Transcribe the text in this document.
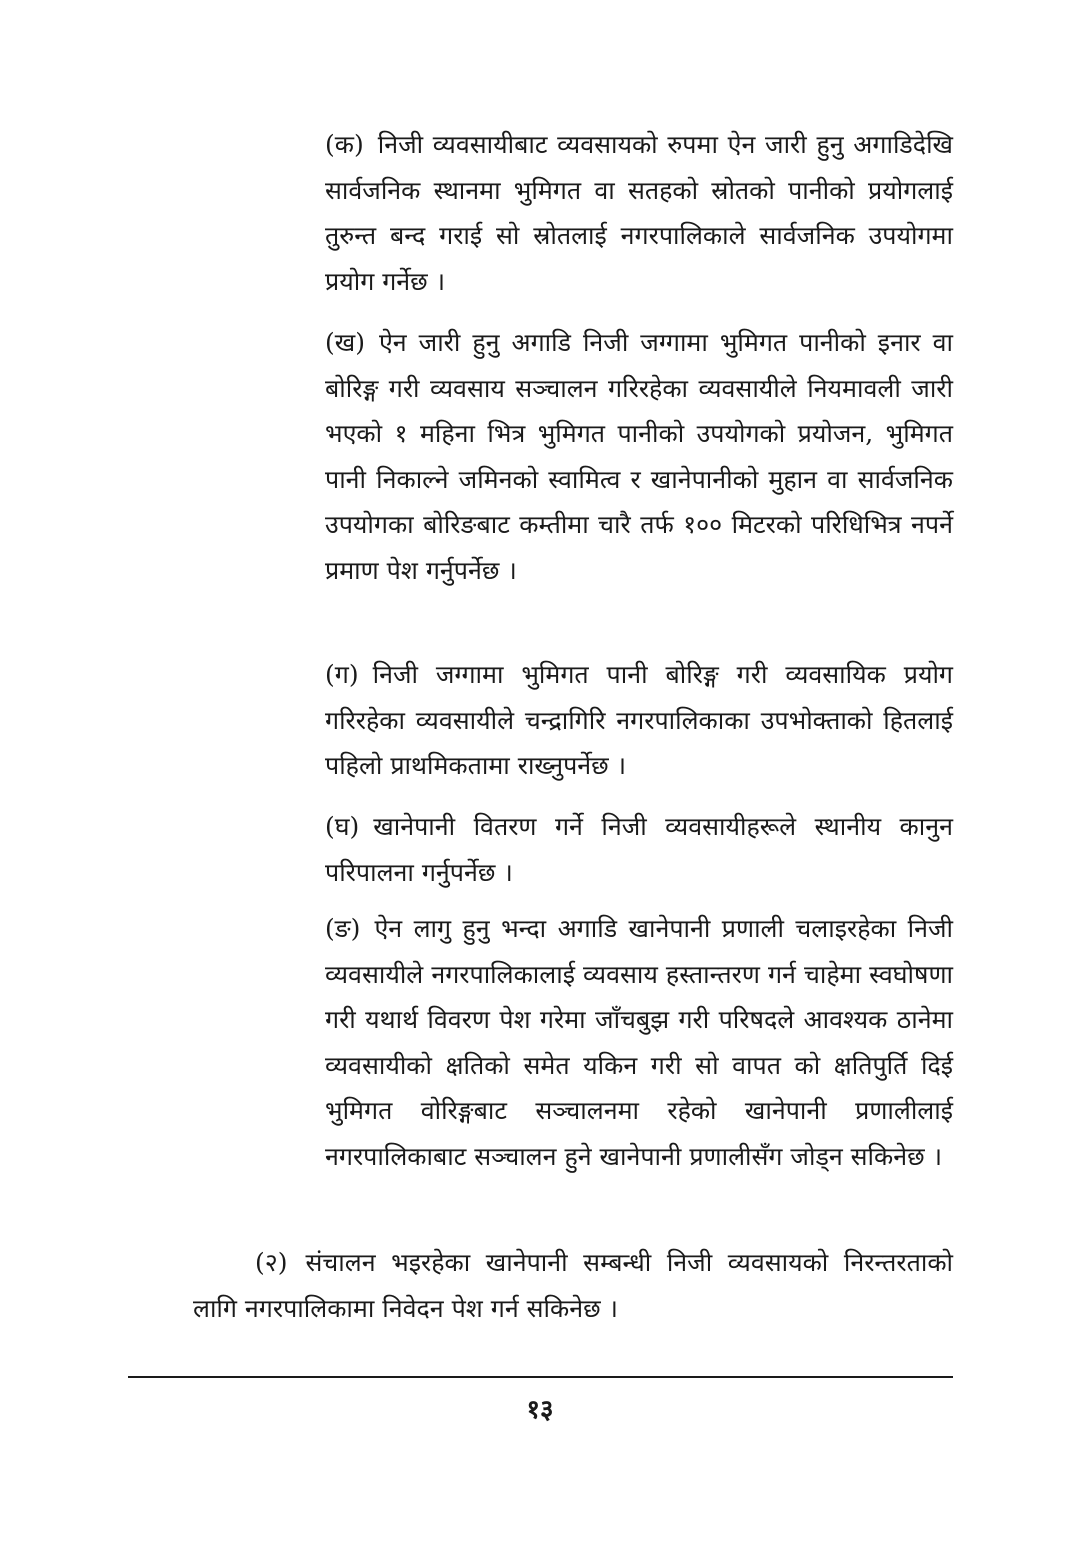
(क) निजी व्यवसायीबाट व्यवसायको रुपमा ऐन जारी हुनु अगाडिदेखि सार्वजनिक स्थानमा भुमिगत वा सतहको स्रोतको पानीको प्रयोगलाई तुरुन्त बन्द गराई सो स्रोतलाई नगरपालिकाले सार्वजनिक उपयोगमा प्रयोग गर्नेछ ।

(ख) ऐन जारी हुनु अगाडि निजी जग्गामा भुमिगत पानीको इनार वा बोरिङ्ग गरी व्यवसाय सञ्चालन गरिरहेका व्यवसायीले नियमावली जारी भएको १ महिना भित्र भुमिगत पानीको उपयोगको प्रयोजन, भुमिगत पानी निकाल्ने जमिनको स्वामित्व र खानेपानीको मुहान वा सार्वजनिक उपयोगका बोरिङबाट कम्तीमा चारै तर्फ १०० मिटरको परिधिभित्र नपर्ने प्रमाण पेश गर्नुपर्नेछ ।

(ग) निजी जग्गामा भुमिगत पानी बोरिङ्ग गरी व्यवसायिक प्रयोग गरिरहेका व्यवसायीले चन्द्रागिरि नगरपालिकाका उपभोक्ताको हितलाई पहिलो प्राथमिकतामा राख्नुपर्नेछ ।

(घ) खानेपानी वितरण गर्ने निजी व्यवसायीहरूले स्थानीय कानुन परिपालना गर्नुपर्नेछ ।

(ङ) ऐन लागु हुनु भन्दा अगाडि खानेपानी प्रणाली चलाइरहेका निजी व्यवसायीले नगरपालिकालाई व्यवसाय हस्तान्तरण गर्न चाहेमा स्वघोषणा गरी यथार्थ विवरण पेश गरेमा जाँचबुझ गरी परिषदले आवश्यक ठानेमा व्यवसायीको क्षतिको समेत यकिन गरी सो वापत को क्षतिपुर्ति दिई भुमिगत वोरिङ्गबाट सञ्चालनमा रहेको खानेपानी प्रणालीलाई नगरपालिकाबाट सञ्चालन हुने खानेपानी प्रणालीसँग जोड्न सकिनेछ ।

(२) संचालन भइरहेका खानेपानी सम्बन्धी निजी व्यवसायको निरन्तरताको लागि नगरपालिकामा निवेदन पेश गर्न सकिनेछ ।

१३
